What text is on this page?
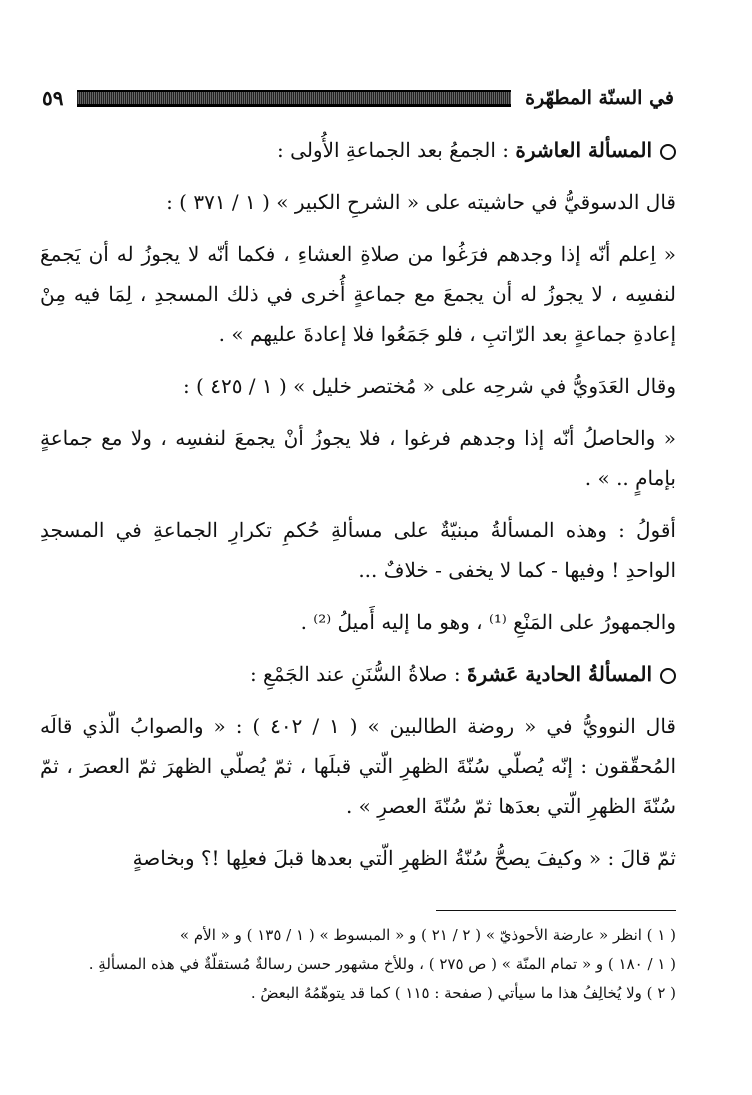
في السنّة المطهّرة
٥٩

المسألة العاشرة : الجمعُ بعد الجماعةِ الأُولى :

قال الدسوقيُّ في حاشيته على « الشرحِ الكبير » ( ١ / ٣٧١ ) :

« اِعلم أنّه إذا وجدهم فرَغُوا من صلاةِ العشاءِ ، فكما أنّه لا يجوزُ له أن يَجمعَ لنفسِه ، لا يجوزُ له أن يجمعَ مع جماعةٍ أُخرى في ذلك المسجدِ ، لِمَا فيه مِنْ إعادةِ جماعةٍ بعد الرّاتبِ ، فلو جَمَعُوا فلا إعادةَ عليهم » .

وقال العَدَويُّ في شرحِه على « مُختصر خليل » ( ١ / ٤٢٥ ) :

« والحاصلُ أنّه إذا وجدهم فرغوا ، فلا يجوزُ أنْ يجمعَ لنفسِه ، ولا مع جماعةٍ بإمامٍ .. » .

أقولُ : وهذه المسألةُ مبنيّةٌ على مسألةِ حُكمِ تكرارِ الجماعةِ في المسجدِ الواحدِ ! وفيها - كما لا يخفى - خلافٌ ...

والجمهورُ على المَنْعِ ⁽¹⁾ ، وهو ما إليه أَميلُ ⁽²⁾ .

المسألةُ الحادية عَشرةَ : صلاةُ السُّنَنِ عند الجَمْعِ :

قال النوويُّ في « روضة الطالبين » ( ١ / ٤٠٢ ) : « والصوابُ الّذي قالَه المُحقّقون : إنّه يُصلّي سُنّةَ الظهرِ الّتي قبلَها ، ثمّ يُصلّي الظهرَ ثمّ العصرَ ، ثمّ سُنّةَ الظهرِ الّتي بعدَها ثمّ سُنّةَ العصرِ » .

ثمّ قالَ : « وكيفَ يصحُّ سُنّةُ الظهرِ الّتي بعدها قبلَ فعلِها !؟ وبخاصةٍ

( ١ ) انظر « عارضة الأحوذيّ » ( ٢ / ٢١ ) و « المبسوط » ( ١ / ١٣٥ ) و « الأم »

( ١ / ١٨٠ ) و « تمام المنّة » ( ص ٢٧٥ ) ، وللأخ مشهور حسن رسالةٌ مُستقلّةٌ في هذه المسألةِ .

( ٢ ) ولا يُخالِفُ هذا ما سيأتي ( صفحة : ١١٥ ) كما قد يتوهّمُهُ البعضُ .
